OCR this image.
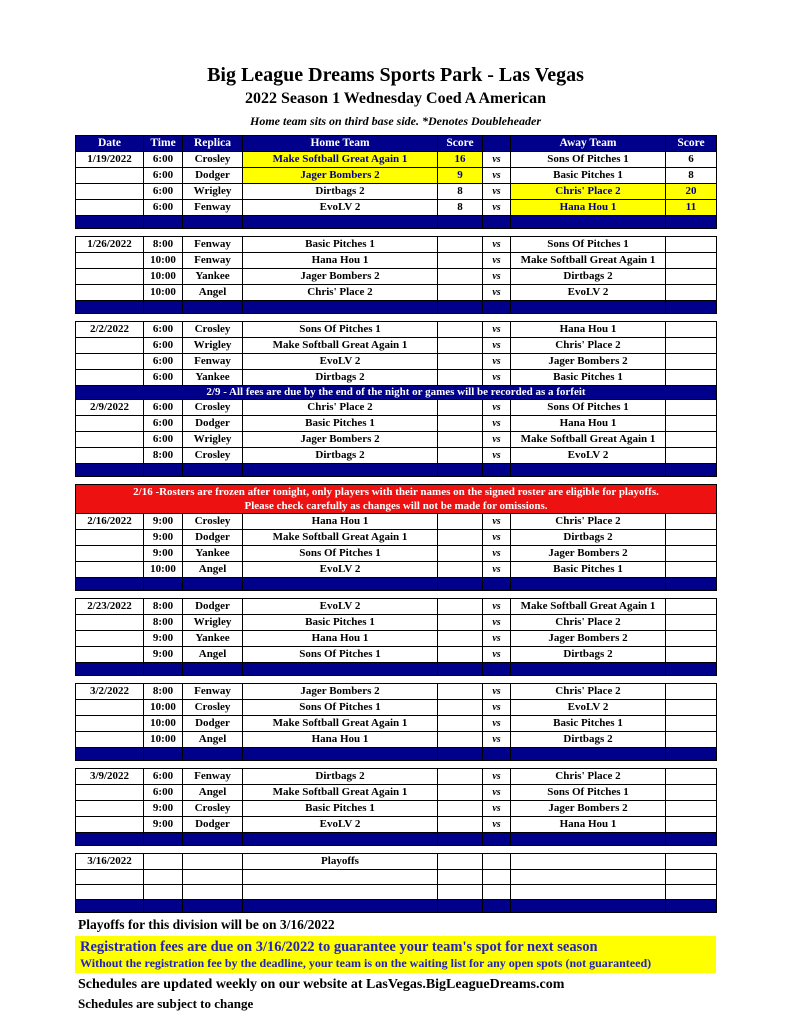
Big League Dreams Sports Park - Las Vegas
2022 Season 1 Wednesday Coed A American
Home team sits on third base side. *Denotes Doubleheader
Date	Time	Replica	Home Team	Score		Away Team	Score
1/19/2022	6:00	Crosley	Make Softball Great Again 1	16	vs	Sons Of Pitches 1	6
	6:00	Dodger	Jager Bombers 2	9	vs	Basic Pitches 1	8
	6:00	Wrigley	Dirtbags 2	8	vs	Chris' Place 2	20
	6:00	Fenway	EvoLV 2	8	vs	Hana Hou 1	11

1/26/2022	8:00	Fenway	Basic Pitches 1		vs	Sons Of Pitches 1	
	10:00	Fenway	Hana Hou 1		vs	Make Softball Great Again 1	
	10:00	Yankee	Jager Bombers 2		vs	Dirtbags 2	
	10:00	Angel	Chris' Place 2		vs	EvoLV 2	

2/2/2022	6:00	Crosley	Sons Of Pitches 1		vs	Hana Hou 1	
	6:00	Wrigley	Make Softball Great Again 1		vs	Chris' Place 2	
	6:00	Fenway	EvoLV 2		vs	Jager Bombers 2	
	6:00	Yankee	Dirtbags 2		vs	Basic Pitches 1	
2/9 - All fees are due by the end of the night or games will be recorded as a forfeit							
2/9/2022	6:00	Crosley	Chris' Place 2		vs	Sons Of Pitches 1	
	6:00	Dodger	Basic Pitches 1		vs	Hana Hou 1	
	6:00	Wrigley	Jager Bombers 2		vs	Make Softball Great Again 1	
	8:00	Crosley	Dirtbags 2		vs	EvoLV 2	

2/16 -Rosters are frozen after tonight, only players with their names on the signed roster are eligible for playoffs.
Please check carefully as changes will not be made for omissions.							

2/16/2022	9:00	Crosley	Hana Hou 1		vs	Chris' Place 2	
	9:00	Dodger	Make Softball Great Again 1		vs	Dirtbags 2	
	9:00	Yankee	Sons Of Pitches 1		vs	Jager Bombers 2	
	10:00	Angel	EvoLV 2		vs	Basic Pitches 1	

2/23/2022	8:00	Dodger	EvoLV 2		vs	Make Softball Great Again 1	
	8:00	Wrigley	Basic Pitches 1		vs	Chris' Place 2	
	9:00	Yankee	Hana Hou 1		vs	Jager Bombers 2	
	9:00	Angel	Sons Of Pitches 1		vs	Dirtbags 2	

3/2/2022	8:00	Fenway	Jager Bombers 2		vs	Chris' Place 2	
	10:00	Crosley	Sons Of Pitches 1		vs	EvoLV 2	
	10:00	Dodger	Make Softball Great Again 1		vs	Basic Pitches 1	
	10:00	Angel	Hana Hou 1		vs	Dirtbags 2	

3/9/2022	6:00	Fenway	Dirtbags 2		vs	Chris' Place 2	
	6:00	Angel	Make Softball Great Again 1		vs	Sons Of Pitches 1	
	9:00	Crosley	Basic Pitches 1		vs	Jager Bombers 2	
	9:00	Dodger	EvoLV 2		vs	Hana Hou 1	

3/16/2022			Playoffs				

Playoffs for this division will be on 3/16/2022
Registration fees are due on 3/16/2022 to guarantee your team's spot for next season
Without the registration fee by the deadline, your team is on the waiting list for any open spots (not guaranteed)
Schedules are updated weekly on our website at LasVegas.BigLeagueDreams.com
Schedules are subject to change
